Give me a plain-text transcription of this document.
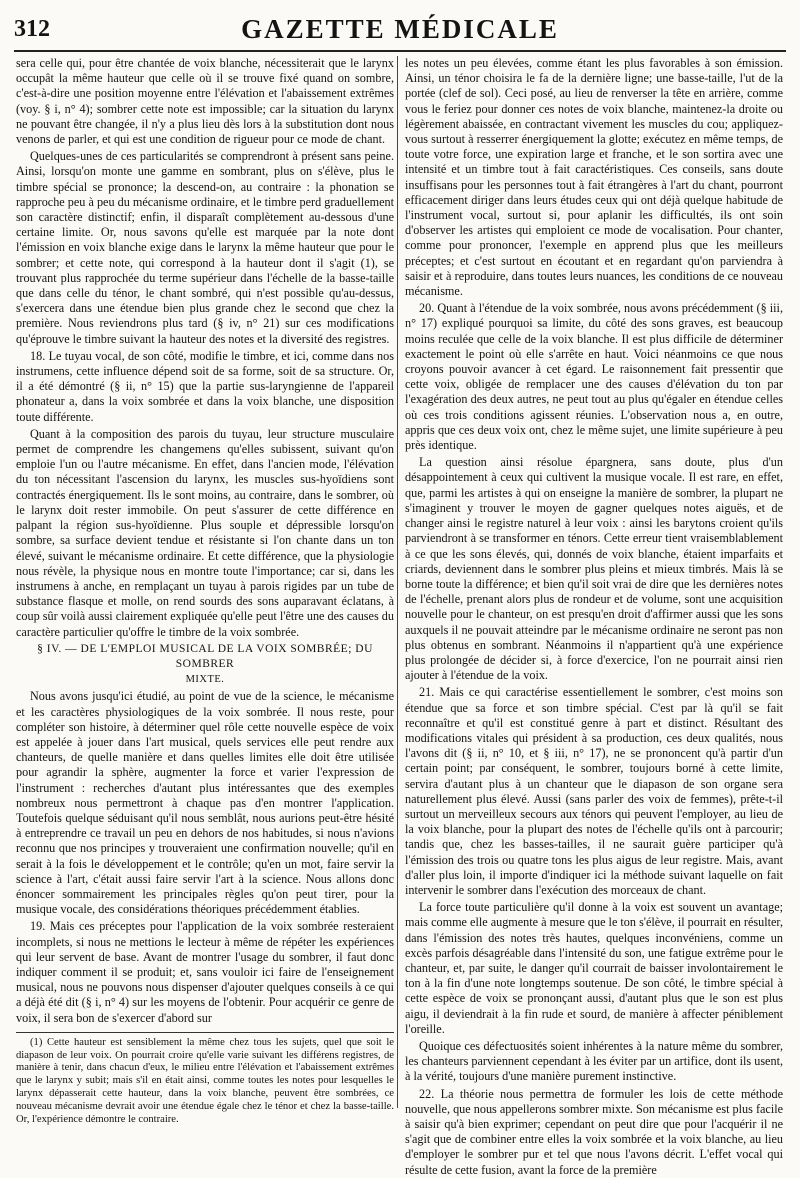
312	GAZETTE MÉDICALE

sera celle qui, pour être chantée de voix blanche, nécessiterait que le larynx occupât la même hauteur que celle où il se trouve fixé quand on sombre, c'est-à-dire une position moyenne entre l'élévation et l'abaissement extrêmes (voy. § i, n° 4); sombrer cette note est impossible; car la situation du larynx ne pouvant être changée, il n'y a plus lieu dès lors à la substitution dont nous venons de parler, et qui est une condition de rigueur pour ce mode de chant.

Quelques-unes de ces particularités se comprendront à présent sans peine. Ainsi, lorsqu'on monte une gamme en sombrant, plus on s'élève, plus le timbre spécial se prononce; la descend-on, au contraire : la phonation se rapproche peu à peu du mécanisme ordinaire, et le timbre perd graduellement son caractère distinctif; enfin, il disparaît complètement au-dessous d'une certaine limite. Or, nous savons qu'elle est marquée par la note dont l'émission en voix blanche exige dans le larynx la même hauteur que pour le sombrer; et cette note, qui correspond à la hauteur dont il s'agit (1), se trouvant plus rapprochée du terme supérieur dans l'échelle de la basse-taille que dans celle du ténor, le chant sombré, qui n'est possible qu'au-dessus, s'exercera dans une étendue bien plus grande chez le second que chez la première. Nous reviendrons plus tard (§ iv, n° 21) sur ces modifications qu'éprouve le timbre suivant la hauteur des notes et la diversité des registres.

18. Le tuyau vocal, de son côté, modifie le timbre, et ici, comme dans nos instrumens, cette influence dépend soit de sa forme, soit de sa structure. Or, il a été démontré (§ ii, n° 15) que la partie sus-laryngienne de l'appareil phonateur a, dans la voix sombrée et dans la voix blanche, une disposition toute différente.

Quant à la composition des parois du tuyau, leur structure musculaire permet de comprendre les changemens qu'elles subissent, suivant qu'on emploie l'un ou l'autre mécanisme. En effet, dans l'ancien mode, l'élévation du ton nécessitant l'ascension du larynx, les muscles sus-hyoïdiens sont contractés énergiquement. Ils le sont moins, au contraire, dans le sombrer, où le larynx doit rester immobile. On peut s'assurer de cette différence en palpant la région sus-hyoïdienne. Plus souple et dépressible lorsqu'on sombre, sa surface devient tendue et résistante si l'on chante dans un ton élevé, suivant le mécanisme ordinaire. Et cette différence, que la physiologie nous révèle, la physique nous en montre toute l'importance; car si, dans les instrumens à anche, en remplaçant un tuyau à parois rigides par un tube de substance flasque et molle, on rend sourds des sons auparavant éclatans, à coup sûr voilà aussi clairement expliquée qu'elle peut l'être une des causes du caractère particulier qu'offre le timbre de la voix sombrée.

§ IV. — DE L'EMPLOI MUSICAL DE LA VOIX SOMBRÉE; DU SOMBRER
MIXTE.

Nous avons jusqu'ici étudié, au point de vue de la science, le mécanisme et les caractères physiologiques de la voix sombrée. Il nous reste, pour compléter son histoire, à déterminer quel rôle cette nouvelle espèce de voix est appelée à jouer dans l'art musical, quels services elle peut rendre aux chanteurs, de quelle manière et dans quelles limites elle doit être utilisée pour agrandir la sphère, augmenter la force et varier l'expression de l'instrument : recherches d'autant plus intéressantes que des exemples nombreux nous permettront à chaque pas d'en montrer l'application. Toutefois quelque séduisant qu'il nous semblât, nous aurions peut-être hésité à entreprendre ce travail un peu en dehors de nos habitudes, si nous n'avions reconnu que nos principes y trouveraient une confirmation nouvelle; qu'il en serait à la fois le développement et le contrôle; qu'en un mot, faire servir la science à l'art, c'était aussi faire servir l'art à la science. Nous allons donc énoncer sommairement les principales règles qu'on peut tirer, pour la musique vocale, des considérations théoriques précédemment établies.

19. Mais ces préceptes pour l'application de la voix sombrée resteraient incomplets, si nous ne mettions le lecteur à même de répéter les expériences qui leur servent de base. Avant de montrer l'usage du sombrer, il faut donc indiquer comment il se produit; et, sans vouloir ici faire de l'enseignement musical, nous ne pouvons nous dispenser d'ajouter quelques conseils à ce qui a déjà été dit (§ i, n° 4) sur les moyens de l'obtenir. Pour acquérir ce genre de voix, il sera bon de s'exercer d'abord sur

(1) Cette hauteur est sensiblement la même chez tous les sujets, quel que soit le diapason de leur voix. On pourrait croire qu'elle varie suivant les différens registres, de manière à tenir, dans chacun d'eux, le milieu entre l'élévation et l'abaissement extrêmes que le larynx y subit; mais s'il en était ainsi, comme toutes les notes pour lesquelles le larynx dépasserait cette hauteur, dans la voix blanche, peuvent être sombrées, ce nouveau mécanisme devrait avoir une étendue égale chez le ténor et chez la basse-taille. Or, l'expérience démontre le contraire.

les notes un peu élevées, comme étant les plus favorables à son émission. Ainsi, un ténor choisira le fa de la dernière ligne; une basse-taille, l'ut de la portée (clef de sol). Ceci posé, au lieu de renverser la tête en arrière, comme vous le feriez pour donner ces notes de voix blanche, maintenez-la droite ou légèrement abaissée, en contractant vivement les muscles du cou; appliquez-vous surtout à resserrer énergiquement la glotte; exécutez en même temps, de toute votre force, une expiration large et franche, et le son sortira avec une intensité et un timbre tout à fait caractéristiques. Ces conseils, sans doute insuffisans pour les personnes tout à fait étrangères à l'art du chant, pourront efficacement diriger dans leurs études ceux qui ont déjà quelque habitude de l'instrument vocal, surtout si, pour aplanir les difficultés, ils ont soin d'observer les artistes qui emploient ce mode de vocalisation. Pour chanter, comme pour prononcer, l'exemple en apprend plus que les meilleurs préceptes; et c'est surtout en écoutant et en regardant qu'on parviendra à saisir et à reproduire, dans toutes leurs nuances, les conditions de ce nouveau mécanisme.

20. Quant à l'étendue de la voix sombrée, nous avons précédemment (§ iii, n° 17) expliqué pourquoi sa limite, du côté des sons graves, est beaucoup moins reculée que celle de la voix blanche. Il est plus difficile de déterminer exactement le point où elle s'arrête en haut. Voici néanmoins ce que nous croyons pouvoir avancer à cet égard. Le raisonnement fait pressentir que cette voix, obligée de remplacer une des causes d'élévation du ton par l'exagération des deux autres, ne peut tout au plus qu'égaler en étendue celles où ces trois conditions agissent réunies. L'observation nous a, en outre, appris que ces deux voix ont, chez le même sujet, une limite supérieure à peu près identique.

La question ainsi résolue épargnera, sans doute, plus d'un désappointement à ceux qui cultivent la musique vocale. Il est rare, en effet, que, parmi les artistes à qui on enseigne la manière de sombrer, la plupart ne s'imaginent y trouver le moyen de gagner quelques notes aiguës, et de changer ainsi le registre naturel à leur voix : ainsi les barytons croient qu'ils parviendront à se transformer en ténors. Cette erreur tient vraisemblablement à ce que les sons élevés, qui, donnés de voix blanche, étaient imparfaits et criards, deviennent dans le sombrer plus pleins et mieux timbrés. Mais là se borne toute la différence; et bien qu'il soit vrai de dire que les dernières notes de l'échelle, prenant alors plus de rondeur et de volume, sont une acquisition nouvelle pour le chanteur, on est presqu'en droit d'affirmer aussi que les sons auxquels il ne pouvait atteindre par le mécanisme ordinaire ne seront pas non plus obtenus en sombrant. Néanmoins il n'appartient qu'à une expérience plus prolongée de décider si, à force d'exercice, l'on ne pourrait ainsi rien ajouter à l'étendue de la voix.

21. Mais ce qui caractérise essentiellement le sombrer, c'est moins son étendue que sa force et son timbre spécial. C'est par là qu'il se fait reconnaître et qu'il est constitué genre à part et distinct. Résultant des modifications vitales qui président à sa production, ces deux qualités, nous l'avons dit (§ ii, n° 10, et § iii, n° 17), ne se prononcent qu'à partir d'un certain point; par conséquent, le sombrer, toujours borné à cette limite, servira d'autant plus à un chanteur que le diapason de son organe sera naturellement plus élevé. Aussi (sans parler des voix de femmes), prête-t-il surtout un merveilleux secours aux ténors qui peuvent l'employer, au lieu de la voix blanche, pour la plupart des notes de l'échelle qu'ils ont à parcourir; tandis que, chez les basses-tailles, il ne saurait guère participer qu'à l'émission des trois ou quatre tons les plus aigus de leur registre. Mais, avant d'aller plus loin, il importe d'indiquer ici la méthode suivant laquelle on fait intervenir le sombrer dans l'exécution des morceaux de chant.

La force toute particulière qu'il donne à la voix est souvent un avantage; mais comme elle augmente à mesure que le ton s'élève, il pourrait en résulter, dans l'émission des notes très hautes, quelques inconvéniens, comme un excès parfois désagréable dans l'intensité du son, une fatigue extrême pour le chanteur, et, par suite, le danger qu'il courrait de baisser involontairement le ton à la fin d'une note longtemps soutenue. De son côté, le timbre spécial à cette espèce de voix se prononçant aussi, d'autant plus que le son est plus aigu, il deviendrait à la fin rude et sourd, de manière à affecter péniblement l'oreille.

Quoique ces défectuosités soient inhérentes à la nature même du sombrer, les chanteurs parviennent cependant à les éviter par un artifice, dont ils usent, à la vérité, toujours d'une manière purement instinctive.

22. La théorie nous permettra de formuler les lois de cette méthode nouvelle, que nous appellerons sombrer mixte. Son mécanisme est plus facile à saisir qu'à bien exprimer; cependant on peut dire que pour l'acquérir il ne s'agit que de combiner entre elles la voix sombrée et la voix blanche, au lieu d'employer le sombrer pur et tel que nous l'avons décrit. L'effet vocal qui résulte de cette fusion, avant la force de la première
